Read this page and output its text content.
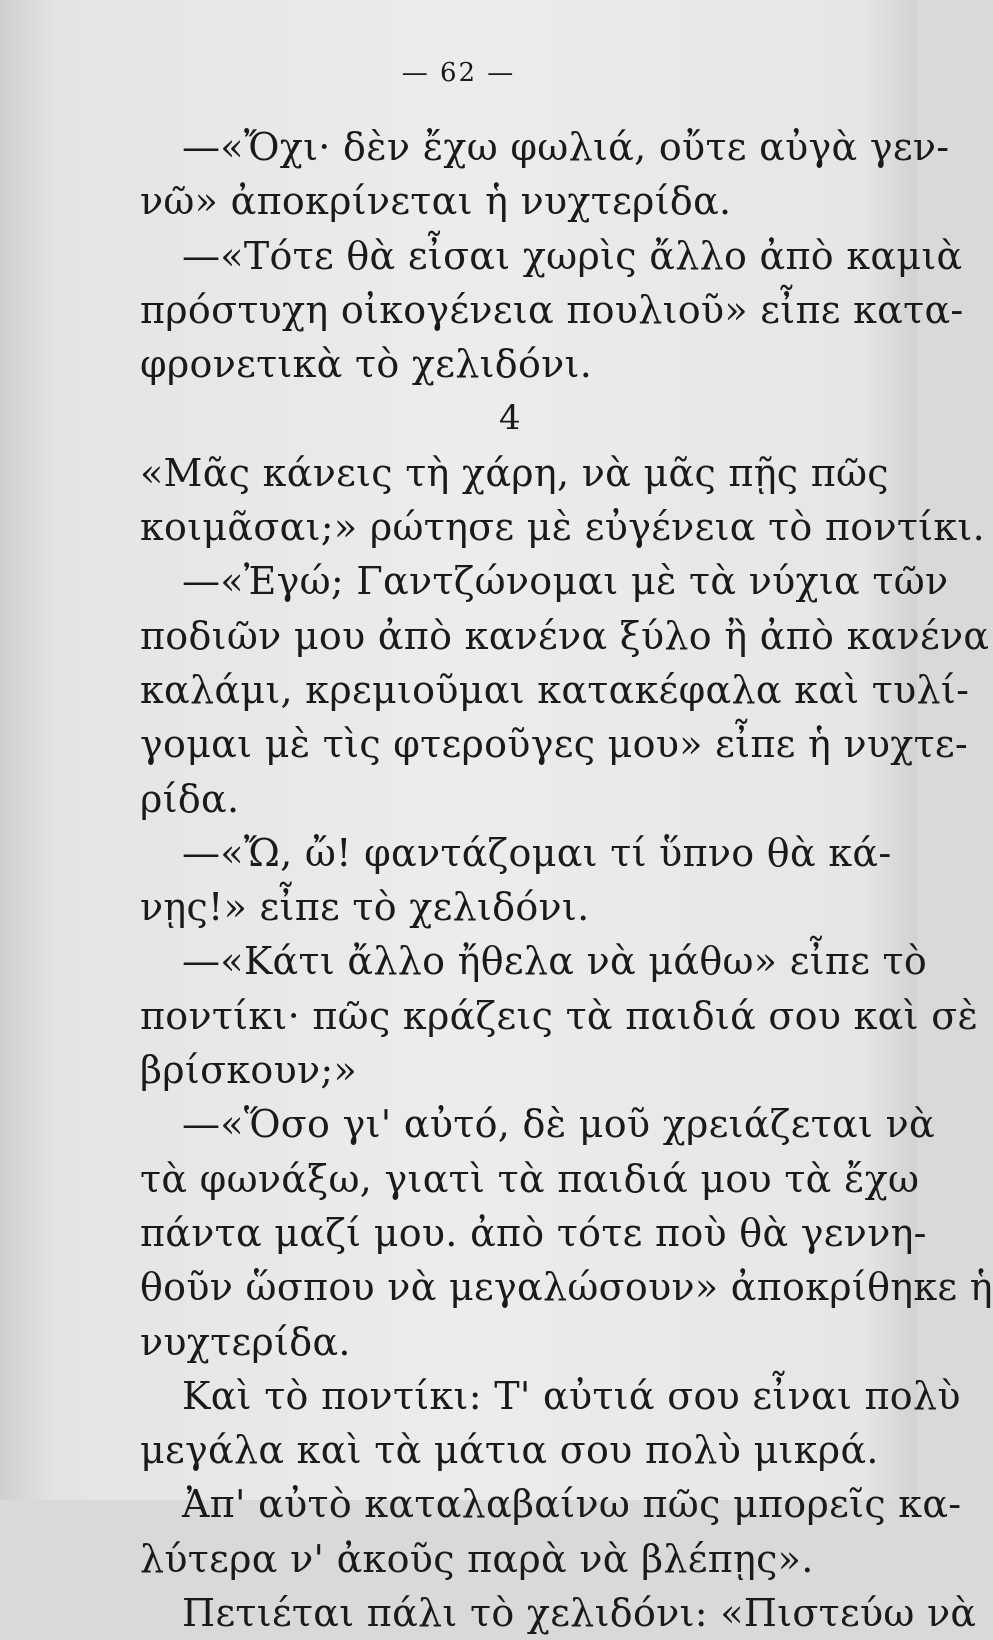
— 62 —
—«Ὄχι· δὲν ἔχω φωλιά, οὔτε αὐγὰ γεν-
νῶ» ἀποκρίνεται ἡ νυχτερίδα.
—«Τότε θὰ εἶσαι χωρὶς ἄλλο ἀπὸ καμιὰ
πρόστυχη οἰκογένεια πουλιοῦ» εἶπε κατα-
φρονετικὰ τὸ χελιδόνι.
4
«Μᾶς κάνεις τὴ χάρη, νὰ μᾶς πῇς πῶς
κοιμᾶσαι;» ρώτησε μὲ εὐγένεια τὸ ποντίκι.
—«Ἐγώ; Γαντζώνομαι μὲ τὰ νύχια τῶν
ποδιῶν μου ἀπὸ κανένα ξύλο ἢ ἀπὸ κανένα
καλάμι, κρεμιοῦμαι κατακέφαλα καὶ τυλί-
γομαι μὲ τὶς φτεροῦγες μου» εἶπε ἡ νυχτε-
ρίδα.
—«Ὤ, ὤ! φαντάζομαι τί ὕπνο θὰ κά-
νῃς!» εἶπε τὸ χελιδόνι.
—«Κάτι ἄλλο ἤθελα νὰ μάθω» εἶπε τὸ
ποντίκι· πῶς κράζεις τὰ παιδιά σου καὶ σὲ
βρίσκουν;»
—«Ὅσο γι' αὐτό, δὲ μοῦ χρειάζεται νὰ
τὰ φωνάξω, γιατὶ τὰ παιδιά μου τὰ ἔχω
πάντα μαζί μου. ἀπὸ τότε ποὺ θὰ γεννη-
θοῦν ὥσπου νὰ μεγαλώσουν» ἀποκρίθηκε ἡ
νυχτερίδα.
Καὶ τὸ ποντίκι: Τ' αὐτιά σου εἶναι πολὺ
μεγάλα καὶ τὰ μάτια σου πολὺ μικρά.
Ἀπ' αὐτὸ καταλαβαίνω πῶς μπορεῖς κα-
λύτερα ν' ἀκοῦς παρὰ νὰ βλέπῃς».
Πετιέται πάλι τὸ χελιδόνι: «Πιστεύω νὰ
